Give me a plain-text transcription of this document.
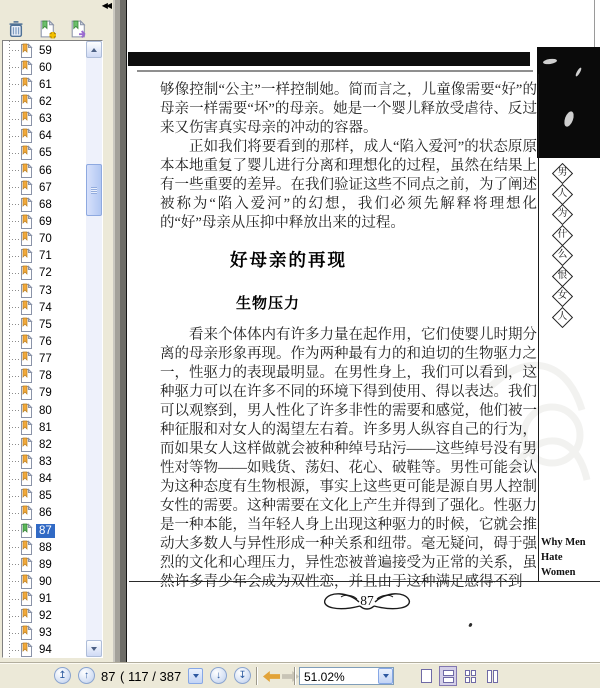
◀◀
59
60
61
62
63
64
65
66
67
68
69
70
71
72
73
74
75
76
77
78
79
80
81
82
83
84
85
86
87
88
89
90
91
92
93
94

够像控制“公主”一样控制她。简而言之，儿童像需要“好”的母亲一样需要“坏”的母亲。她是一个婴儿释放受虐待、反过来又伤害真实母亲的冲动的容器。

正如我们将要看到的那样，成人“陷入爱河”的状态原原本本地重复了婴儿进行分离和理想化的过程，虽然在结果上有一些重要的差异。在我们验证这些不同点之前，为了阐述被称为“陷入爱河”的幻想，我们必须先解释将理想化的“好”母亲从压抑中释放出来的过程。

好母亲的再现
生物压力

看来个体体内有许多力量在起作用，它们使婴儿时期分离的母亲形象再现。作为两种最有力的和迫切的生物驱力之一，性驱力的表现最明显。在男性身上，我们可以看到，这种驱力可以在许多不同的环境下得到使用、得以表达。我们可以观察到，男人性化了许多非性的需要和感觉，他们被一种征服和对女人的渴望左右着。许多男人纵容自己的行为，而如果女人这样做就会被种种绰号玷污——这些绰号没有男性对等物——如贱货、荡妇、花心、破鞋等。男性可能会认为这种态度有生物根源，事实上这些更可能是源自男人控制女性的需要。这种需要在文化上产生并得到了强化。性驱力是一种本能，当年轻人身上出现这种驱力的时候，它就会推动大多数人与异性形成一种关系和纽带。毫无疑问，碍于强烈的文化和心理压力，异性恋被普遍接受为正常的关系，虽然许多青少年会成为双性恋，并且由于这种满足感得不到

男
人
为
什
么
恨
女
人
Why Men
Hate
Women
87
↥	↑ 87 ( 117 / 387	↓	↧	51.02%
